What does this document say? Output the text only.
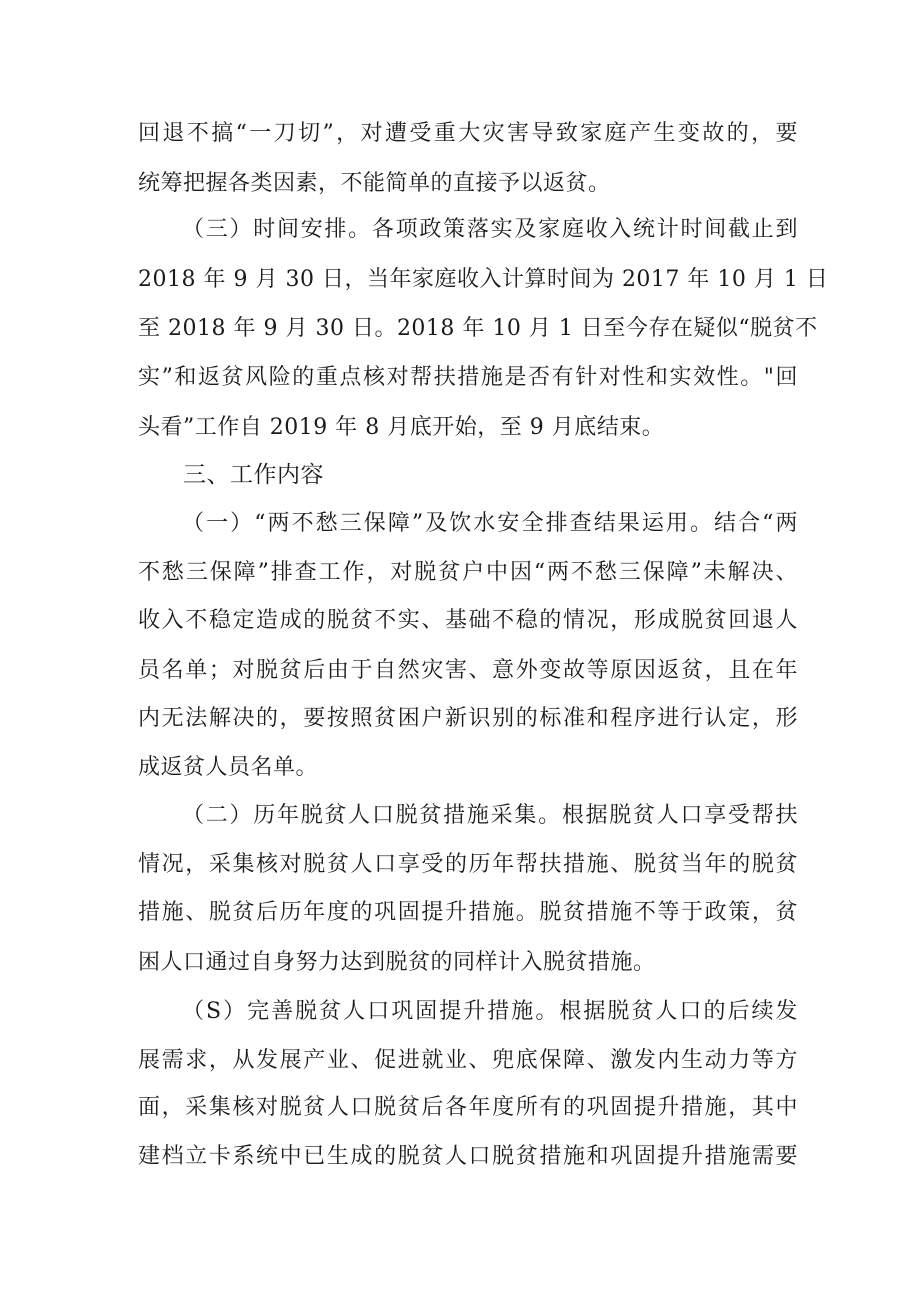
回退不搞“一刀切”，对遭受重大灾害导致家庭产生变故的，要
统筹把握各类因素，不能简单的直接予以返贫。
（三）时间安排。各项政策落实及家庭收入统计时间截止到
2018 年 9 月 30 日，当年家庭收入计算时间为 2017 年 10 月 1 日
至 2018 年 9 月 30 日。2018 年 10 月 1 日至今存在疑似“脱贫不
实”和返贫风险的重点核对帮扶措施是否有针对性和实效性。"回
头看”工作自 2019 年 8 月底开始，至 9 月底结束。
三、工作内容
（一）“两不愁三保障”及饮水安全排查结果运用。结合“两
不愁三保障”排查工作，对脱贫户中因“两不愁三保障”未解决、
收入不稳定造成的脱贫不实、基础不稳的情况，形成脱贫回退人
员名单；对脱贫后由于自然灾害、意外变故等原因返贫，且在年
内无法解决的，要按照贫困户新识别的标准和程序进行认定，形
成返贫人员名单。
（二）历年脱贫人口脱贫措施采集。根据脱贫人口享受帮扶
情况，采集核对脱贫人口享受的历年帮扶措施、脱贫当年的脱贫
措施、脱贫后历年度的巩固提升措施。脱贫措施不等于政策，贫
困人口通过自身努力达到脱贫的同样计入脱贫措施。
（S）完善脱贫人口巩固提升措施。根据脱贫人口的后续发
展需求，从发展产业、促进就业、兜底保障、激发内生动力等方
面，采集核对脱贫人口脱贫后各年度所有的巩固提升措施，其中
建档立卡系统中已生成的脱贫人口脱贫措施和巩固提升措施需要
